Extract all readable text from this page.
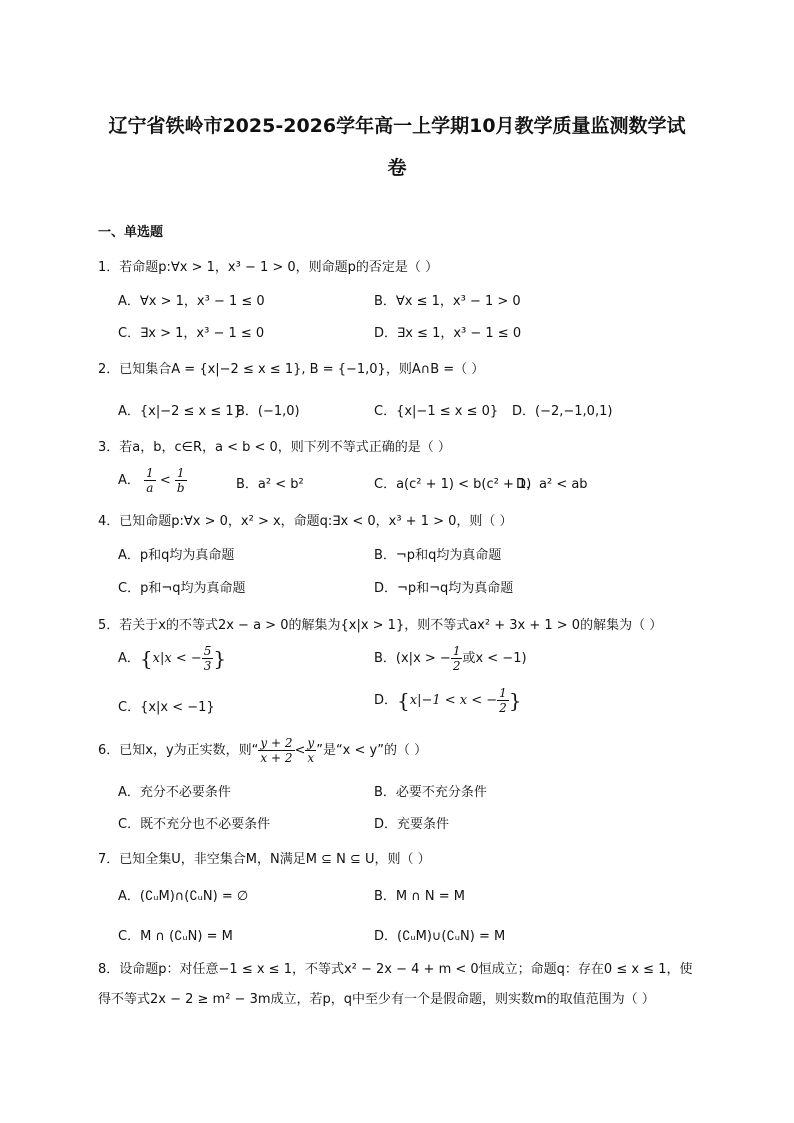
辽宁省铁岭市2025-2026学年高一上学期10月教学质量监测数学试
卷
一、单选题
1．若命题p:∀x > 1，x³ − 1 > 0，则命题p的否定是（ ）
A．∀x > 1，x³ − 1 ≤ 0	B．∀x ≤ 1，x³ − 1 > 0
C．∃x > 1，x³ − 1 ≤ 0	D．∃x ≤ 1，x³ − 1 ≤ 0
2．已知集合A = {x|−2 ≤ x ≤ 1}, B = {−1,0}，则A∩B =（ ）
A．{x|−2 ≤ x ≤ 1}
B．(−1,0)	C．{x|−1 ≤ x ≤ 0} D．(−2,−1,0,1)
3．若a，b，c∈R，a < b < 0，则下列不等式正确的是（ ）
A． $\frac{1}{a} < \frac{1}{b}$	B．a² < b²	C．a(c² + 1) < b(c² + 1)
D．a² < ab
4．已知命题p:∀x > 0，x² > x，命题q:∃x < 0，x³ + 1 > 0，则（ ）
A．p和q均为真命题	B．¬p和q均为真命题
C．p和¬q均为真命题	D．¬p和¬q均为真命题
5．若关于x的不等式2x − a > 0的解集为{x|x > 1}，则不等式ax² + 3x + 1 > 0的解集为（ ）
A．{x|x < − $\frac{5}{3}$ }	B．(x|x > − $\frac{1}{2}$ 或x < −1)
C．{x|x < −1}	D．{x|−1 < x < − $\frac{1}{2}$ }
6．已知x，y为正实数，则“ $\frac{y + 2}{x + 2} < \frac{y}{x}$ ”是“x < y”的（ ）
A．充分不必要条件	B．必要不充分条件
C．既不充分也不必要条件	D．充要条件
7．已知全集U，非空集合M，N满足M ⊆ N ⊆ U，则（ ）
A．(∁ᵤM)∩(∁ᵤN) = ∅	B．M ∩ N = M
C．M ∩ (∁ᵤN) = M	D．(∁ᵤM)∪(∁ᵤN) = M
8．设命题p：对任意−1 ≤ x ≤ 1，不等式x² − 2x − 4 + m < 0恒成立；命题q：存在0 ≤ x ≤ 1，使得不等式2x − 2 ≥ m² − 3m成立，若p，q中至少有一个是假命题，则实数m的取值范围为（ ）
